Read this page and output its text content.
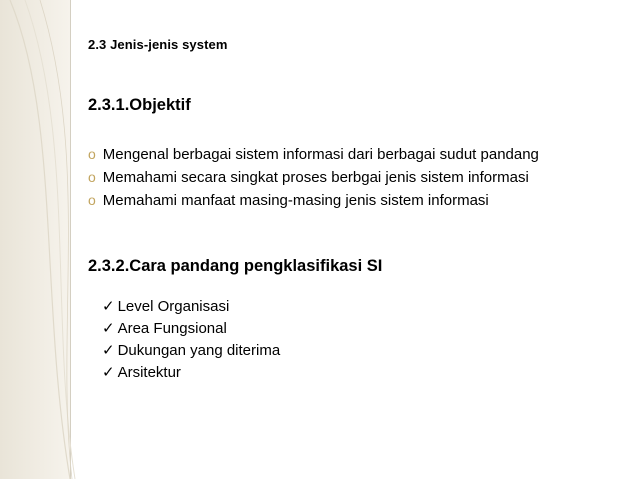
2.3 Jenis-jenis system
2.3.1.Objektif
o Mengenal berbagai sistem informasi dari berbagai sudut pandang
o Memahami secara singkat proses berbgai jenis sistem informasi
o Memahami manfaat masing-masing jenis sistem informasi
2.3.2.Cara pandang pengklasifikasi SI
✓ Level Organisasi
✓ Area Fungsional
✓ Dukungan yang diterima
✓ Arsitektur
